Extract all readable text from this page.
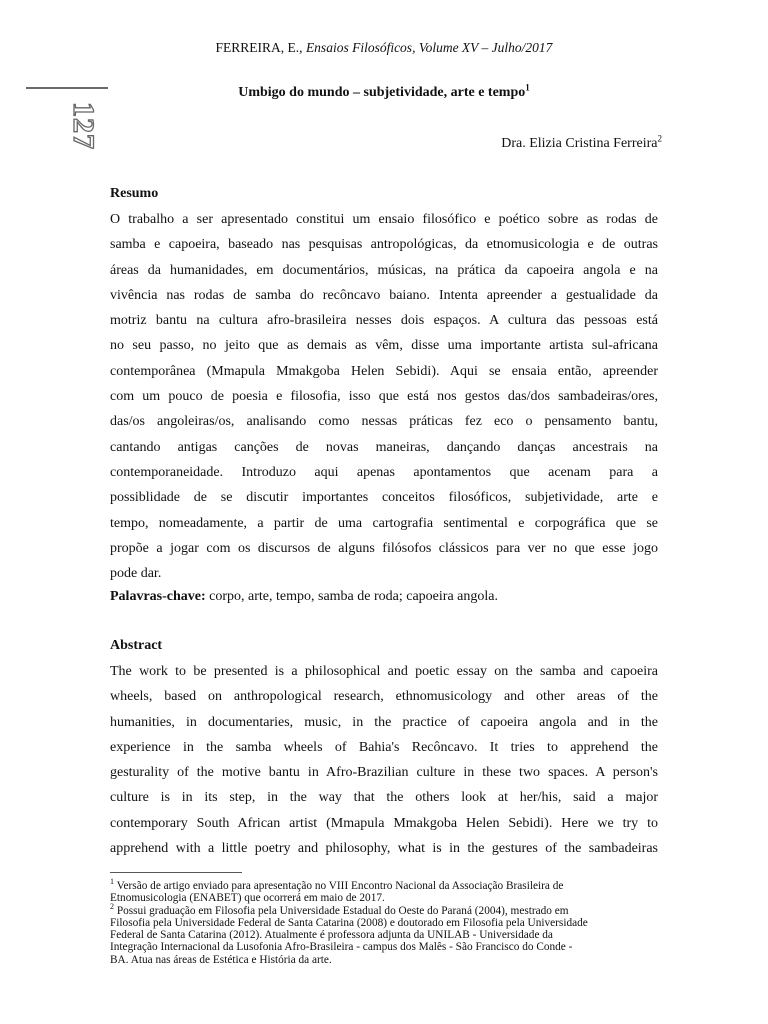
FERREIRA, E., Ensaios Filosóficos, Volume XV – Julho/2017
127
Umbigo do mundo – subjetividade, arte e tempo$^1$
Dra. Elizia Cristina Ferreira$^2$
Resumo
O trabalho a ser apresentado constitui um ensaio filosófico e poético sobre as rodas de
samba e capoeira, baseado nas pesquisas antropológicas, da etnomusicologia e de outras
áreas da humanidades, em documentários, músicas, na prática da capoeira angola e na
vivência nas rodas de samba do recôncavo baiano. Intenta apreender a gestualidade da
motriz bantu na cultura afro-brasileira nesses dois espaços. A cultura das pessoas está
no seu passo, no jeito que as demais as vêm, disse uma importante artista sul-africana
contemporânea (Mmapula Mmakgoba Helen Sebidi). Aqui se ensaia então, apreender
com um pouco de poesia e filosofia, isso que está nos gestos das/dos sambadeiras/ores,
das/os angoleiras/os, analisando como nessas práticas fez eco o pensamento bantu,
cantando antigas canções de novas maneiras, dançando danças ancestrais na
contemporaneidade. Introduzo aqui apenas apontamentos que acenam para a
possiblidade de se discutir importantes conceitos filosóficos, subjetividade, arte e
tempo, nomeadamente, a partir de uma cartografia sentimental e corpográfica que se
propõe a jogar com os discursos de alguns filósofos clássicos para ver no que esse jogo
pode dar.
Palavras-chave: corpo, arte, tempo, samba de roda; capoeira angola.
Abstract
The work to be presented is a philosophical and poetic essay on the samba and capoeira
wheels, based on anthropological research, ethnomusicology and other areas of the
humanities, in documentaries, music, in the practice of capoeira angola and in the
experience in the samba wheels of Bahia's Recôncavo. It tries to apprehend the
gesturality of the motive bantu in Afro-Brazilian culture in these two spaces. A person's
culture is in its step, in the way that the others look at her/his, said a major
contemporary South African artist (Mmapula Mmakgoba Helen Sebidi). Here we try to
apprehend with a little poetry and philosophy, what is in the gestures of the sambadeiras
$^1$ Versão de artigo enviado para apresentação no VIII Encontro Nacional da Associação Brasileira de
Etnomusicologia (ENABET) que ocorrerá em maio de 2017.
$^2$ Possui graduação em Filosofia pela Universidade Estadual do Oeste do Paraná (2004), mestrado em
Filosofia pela Universidade Federal de Santa Catarina (2008) e doutorado em Filosofia pela Universidade
Federal de Santa Catarina (2012). Atualmente é professora adjunta da UNILAB - Universidade da
Integração Internacional da Lusofonia Afro-Brasileira - campus dos Malês - São Francisco do Conde -
BA. Atua nas áreas de Estética e História da arte.
